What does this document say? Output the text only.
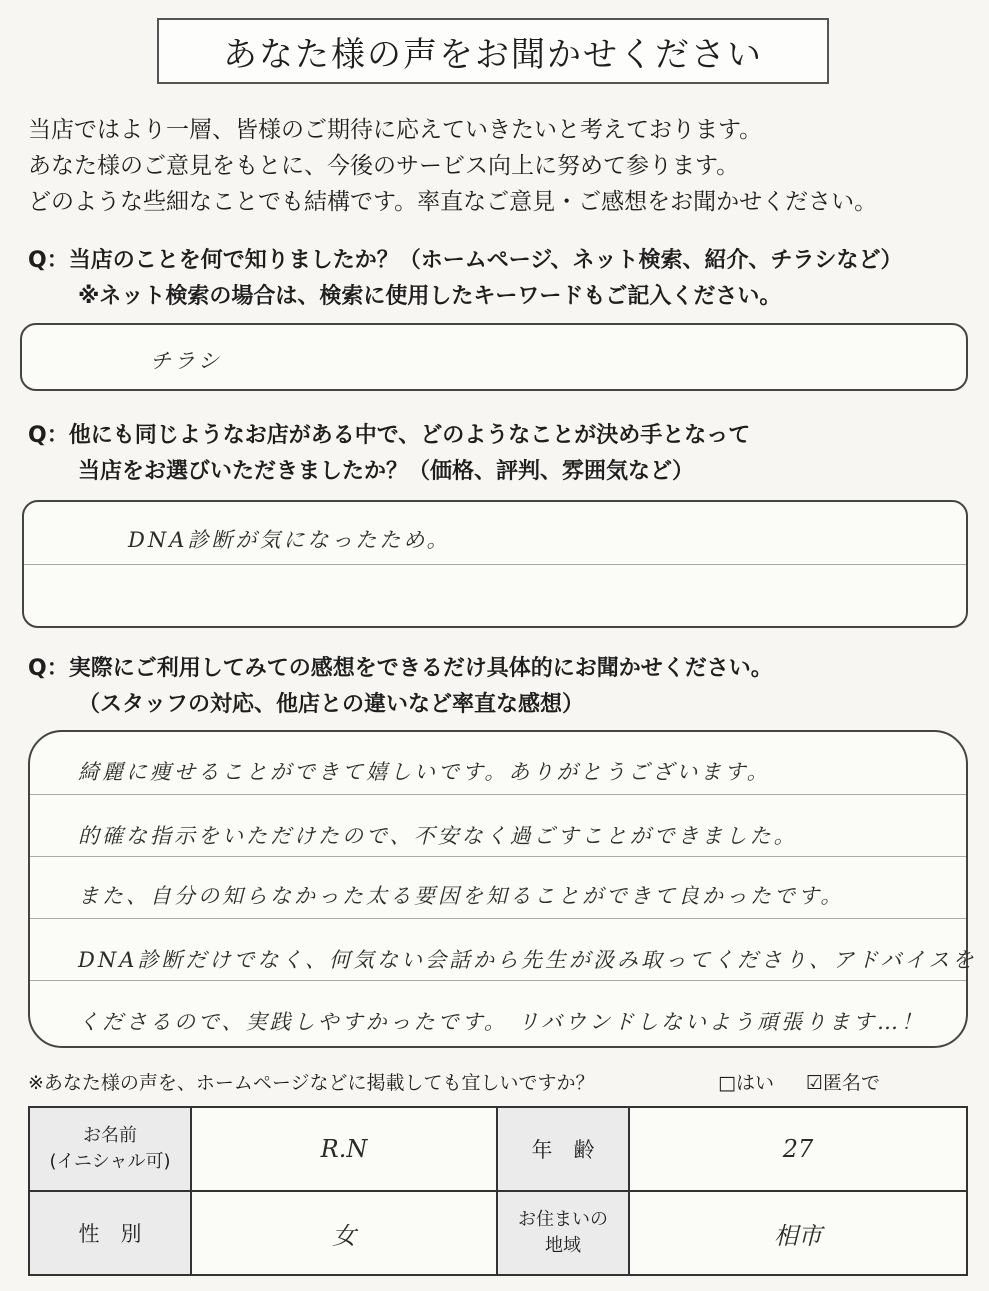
あなた様の声をお聞かせください
当店ではより一層、皆様のご期待に応えていきたいと考えております。
あなた様のご意見をもとに、今後のサービス向上に努めて参ります。
どのような些細なことでも結構です。率直なご意見・ご感想をお聞かせください。
Q：当店のことを何で知りましたか？（ホームページ、ネット検索、紹介、チラシなど）
※ネット検索の場合は、検索に使用したキーワードもご記入ください。
チラシ
Q：他にも同じようなお店がある中で、どのようなことが決め手となって
当店をお選びいただきましたか？（価格、評判、雰囲気など）
DNA診断が気になったため。
Q：実際にご利用してみての感想をできるだけ具体的にお聞かせください。
（スタッフの対応、他店との違いなど率直な感想）
綺麗に痩せることができて嬉しいです。ありがとうございます。
的確な指示をいただけたので、不安なく過ごすことができました。
また、自分の知らなかった太る要因を知ることができて良かったです。
DNA診断だけでなく、何気ない会話から先生が汲み取ってくださり、アドバイスを
くださるので、実践しやすかったです。 リバウンドしないよう頑張ります…！
※あなた様の声を、ホームページなどに掲載しても宜しいですか？	□はい ☑匿名で
お名前
(イニシャル可)	R.N	年　齢	27
性　別	女	お住まいの
地域	相市
